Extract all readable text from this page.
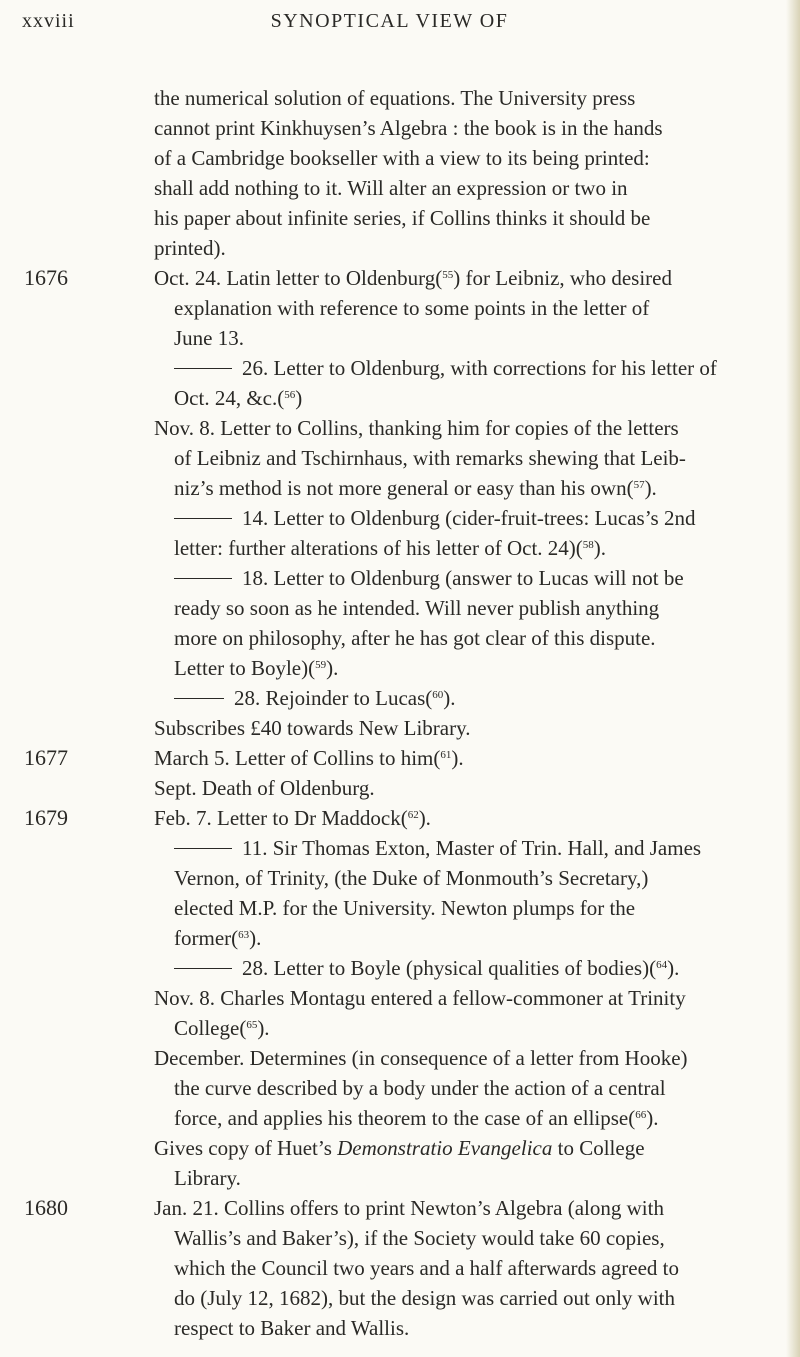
xxviii	SYNOPTICAL VIEW OF
the numerical solution of equations. The University press
cannot print Kinkhuysen’s Algebra : the book is in the hands
of a Cambridge bookseller with a view to its being printed:
shall add nothing to it. Will alter an expression or two in
his paper about infinite series, if Collins thinks it should be
printed).
1676	Oct. 24. Latin letter to Oldenburg($^{55}$) for Leibniz, who desired
explanation with reference to some points in the letter of
June 13.
26. Letter to Oldenburg, with corrections for his letter of
Oct. 24, &c.($^{56}$)
Nov. 8. Letter to Collins, thanking him for copies of the letters
of Leibniz and Tschirnhaus, with remarks shewing that Leib-
niz’s method is not more general or easy than his own($^{57}$).
14. Letter to Oldenburg (cider-fruit-trees: Lucas’s 2nd
letter: further alterations of his letter of Oct. 24)($^{58}$).
18. Letter to Oldenburg (answer to Lucas will not be
ready so soon as he intended. Will never publish anything
more on philosophy, after he has got clear of this dispute.
Letter to Boyle)($^{59}$).
28. Rejoinder to Lucas($^{60}$).
Subscribes £40 towards New Library.
1677	March 5. Letter of Collins to him($^{61}$).
Sept. Death of Oldenburg.
1679	Feb. 7. Letter to Dr Maddock($^{62}$).
11. Sir Thomas Exton, Master of Trin. Hall, and James
Vernon, of Trinity, (the Duke of Monmouth’s Secretary,)
elected M.P. for the University. Newton plumps for the
former($^{63}$).
28. Letter to Boyle (physical qualities of bodies)($^{64}$).
Nov. 8. Charles Montagu entered a fellow-commoner at Trinity
College($^{65}$).
December. Determines (in consequence of a letter from Hooke)
the curve described by a body under the action of a central
force, and applies his theorem to the case of an ellipse($^{66}$).
Gives copy of Huet’s Demonstratio Evangelica to College
Library.
1680	Jan. 21. Collins offers to print Newton’s Algebra (along with
Wallis’s and Baker’s), if the Society would take 60 copies,
which the Council two years and a half afterwards agreed to
do (July 12, 1682), but the design was carried out only with
respect to Baker and Wallis.
